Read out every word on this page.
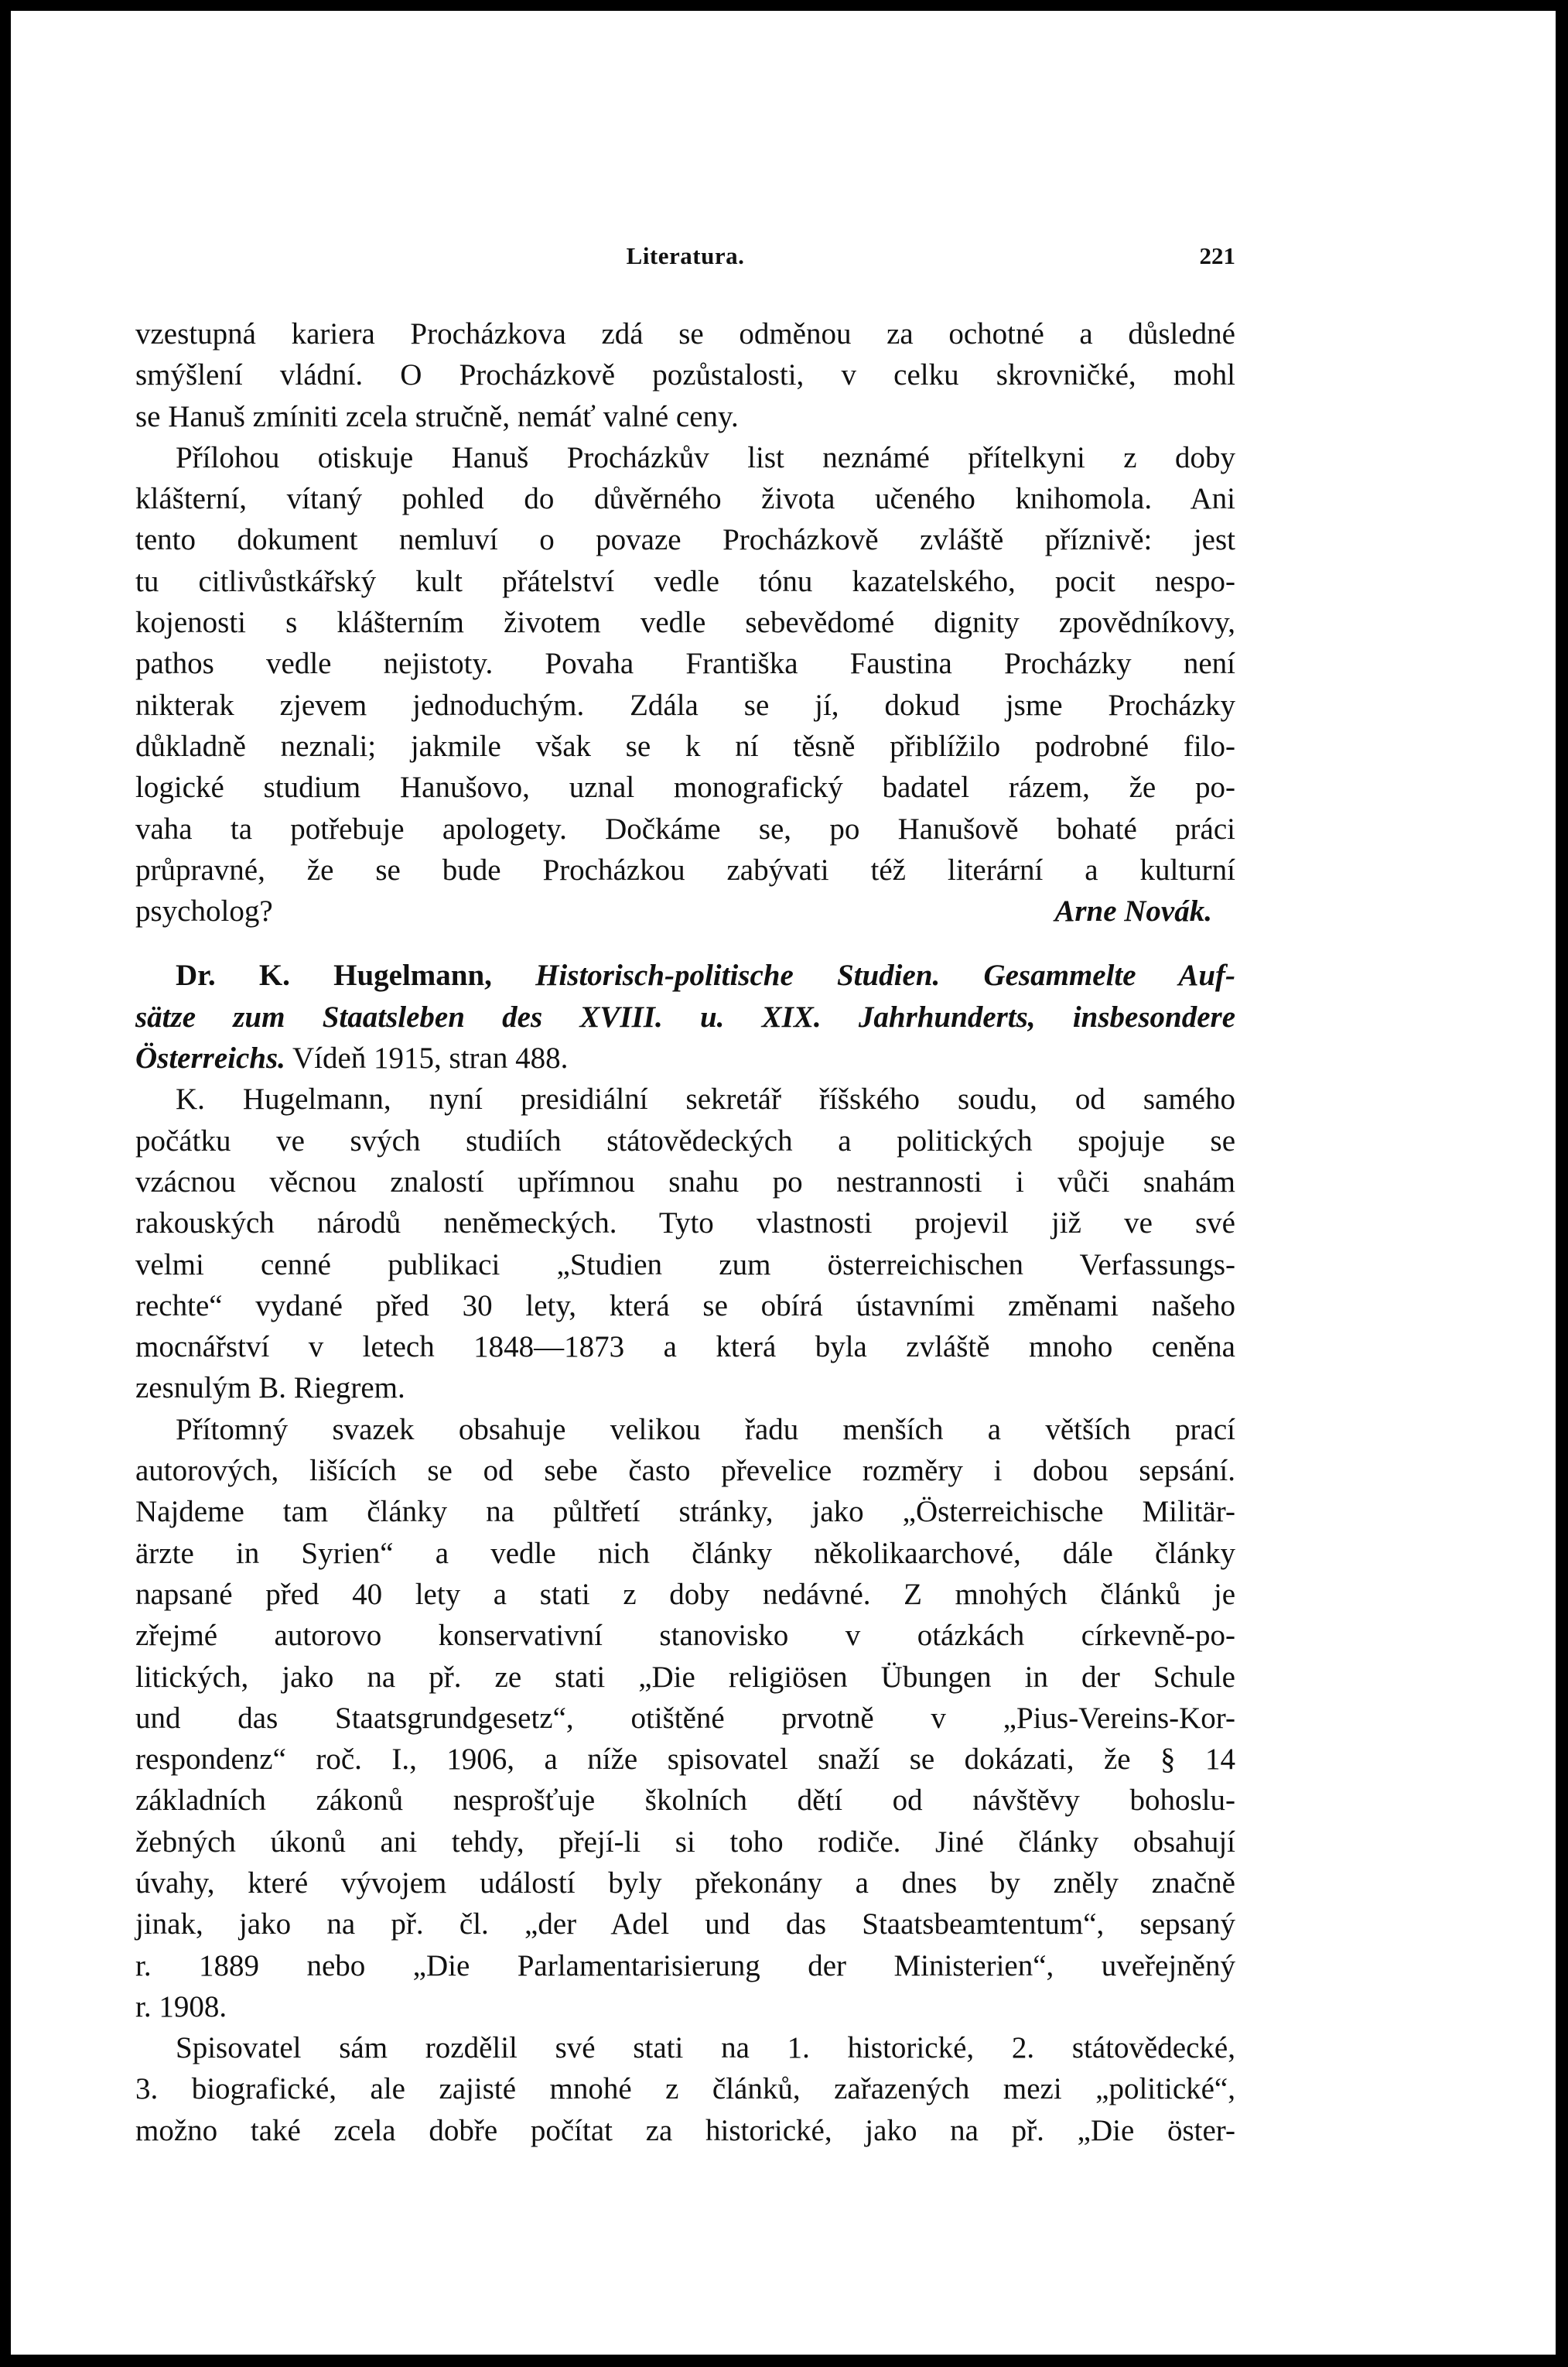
Literatura.	221
vzestupná kariera Procházkova zdá se odměnou za ochotné a důsledné
smýšlení vládní. O Procházkově pozůstalosti, v celku skrovničké, mohl
se Hanuš zmíniti zcela stručně, nemáť valné ceny.
Přílohou otiskuje Hanuš Procházkův list neznámé přítelkyni z doby
klášterní, vítaný pohled do důvěrného života učeného knihomola. Ani
tento dokument nemluví o povaze Procházkově zvláště příznivě: jest
tu citlivůstkářský kult přátelství vedle tónu kazatelského, pocit nespo-
kojenosti s klášterním životem vedle sebevědomé dignity zpovědníkovy,
pathos vedle nejistoty. Povaha Františka Faustina Procházky není
nikterak zjevem jednoduchým. Zdála se jí, dokud jsme Procházky
důkladně neznali; jakmile však se k ní těsně přiblížilo podrobné filo-
logické studium Hanušovo, uznal monografický badatel rázem, že po-
vaha ta potřebuje apologety. Dočkáme se, po Hanušově bohaté práci
průpravné, že se bude Procházkou zabývati též literární a kulturní
psycholog?	Arne Novák.
Dr. K. Hugelmann, Historisch-politische Studien. Gesammelte Auf-
sätze zum Staatsleben des XVIII. u. XIX. Jahrhunderts, insbesondere
Österreichs. Vídeň 1915, stran 488.
K. Hugelmann, nyní presidiální sekretář říšského soudu, od samého
počátku ve svých studiích státovědeckých a politických spojuje se
vzácnou věcnou znalostí upřímnou snahu po nestrannosti i vůči snahám
rakouských národů neněmeckých. Tyto vlastnosti projevil již ve své
velmi cenné publikaci „Studien zum österreichischen Verfassungs-
rechte“ vydané před 30 lety, která se obírá ústavními změnami našeho
mocnářství v letech 1848—1873 a která byla zvláště mnoho ceněna
zesnulým B. Riegrem.
Přítomný svazek obsahuje velikou řadu menších a větších prací
autorových, lišících se od sebe často převelice rozměry i dobou sepsání.
Najdeme tam články na půltřetí stránky, jako „Österreichische Militär-
ärzte in Syrien“ a vedle nich články několikaarchové, dále články
napsané před 40 lety a stati z doby nedávné. Z mnohých článků je
zřejmé autorovo konservativní stanovisko v otázkách církevně-po-
litických, jako na př. ze stati „Die religiösen Übungen in der Schule
und das Staatsgrundgesetz“, otištěné prvotně v „Pius-Vereins-Kor-
respondenz“ roč. I., 1906, a níže spisovatel snaží se dokázati, že § 14
základních zákonů nesprošťuje školních dětí od návštěvy bohoslu-
žebných úkonů ani tehdy, přejí-li si toho rodiče. Jiné články obsahují
úvahy, které vývojem událostí byly překonány a dnes by zněly značně
jinak, jako na př. čl. „der Adel und das Staatsbeamtentum“, sepsaný
r. 1889 nebo „Die Parlamentarisierung der Ministerien“, uveřejněný
r. 1908.
Spisovatel sám rozdělil své stati na 1. historické, 2. státovědecké,
3. biografické, ale zajisté mnohé z článků, zařazených mezi „politické“,
možno také zcela dobře počítat za historické, jako na př. „Die öster-
